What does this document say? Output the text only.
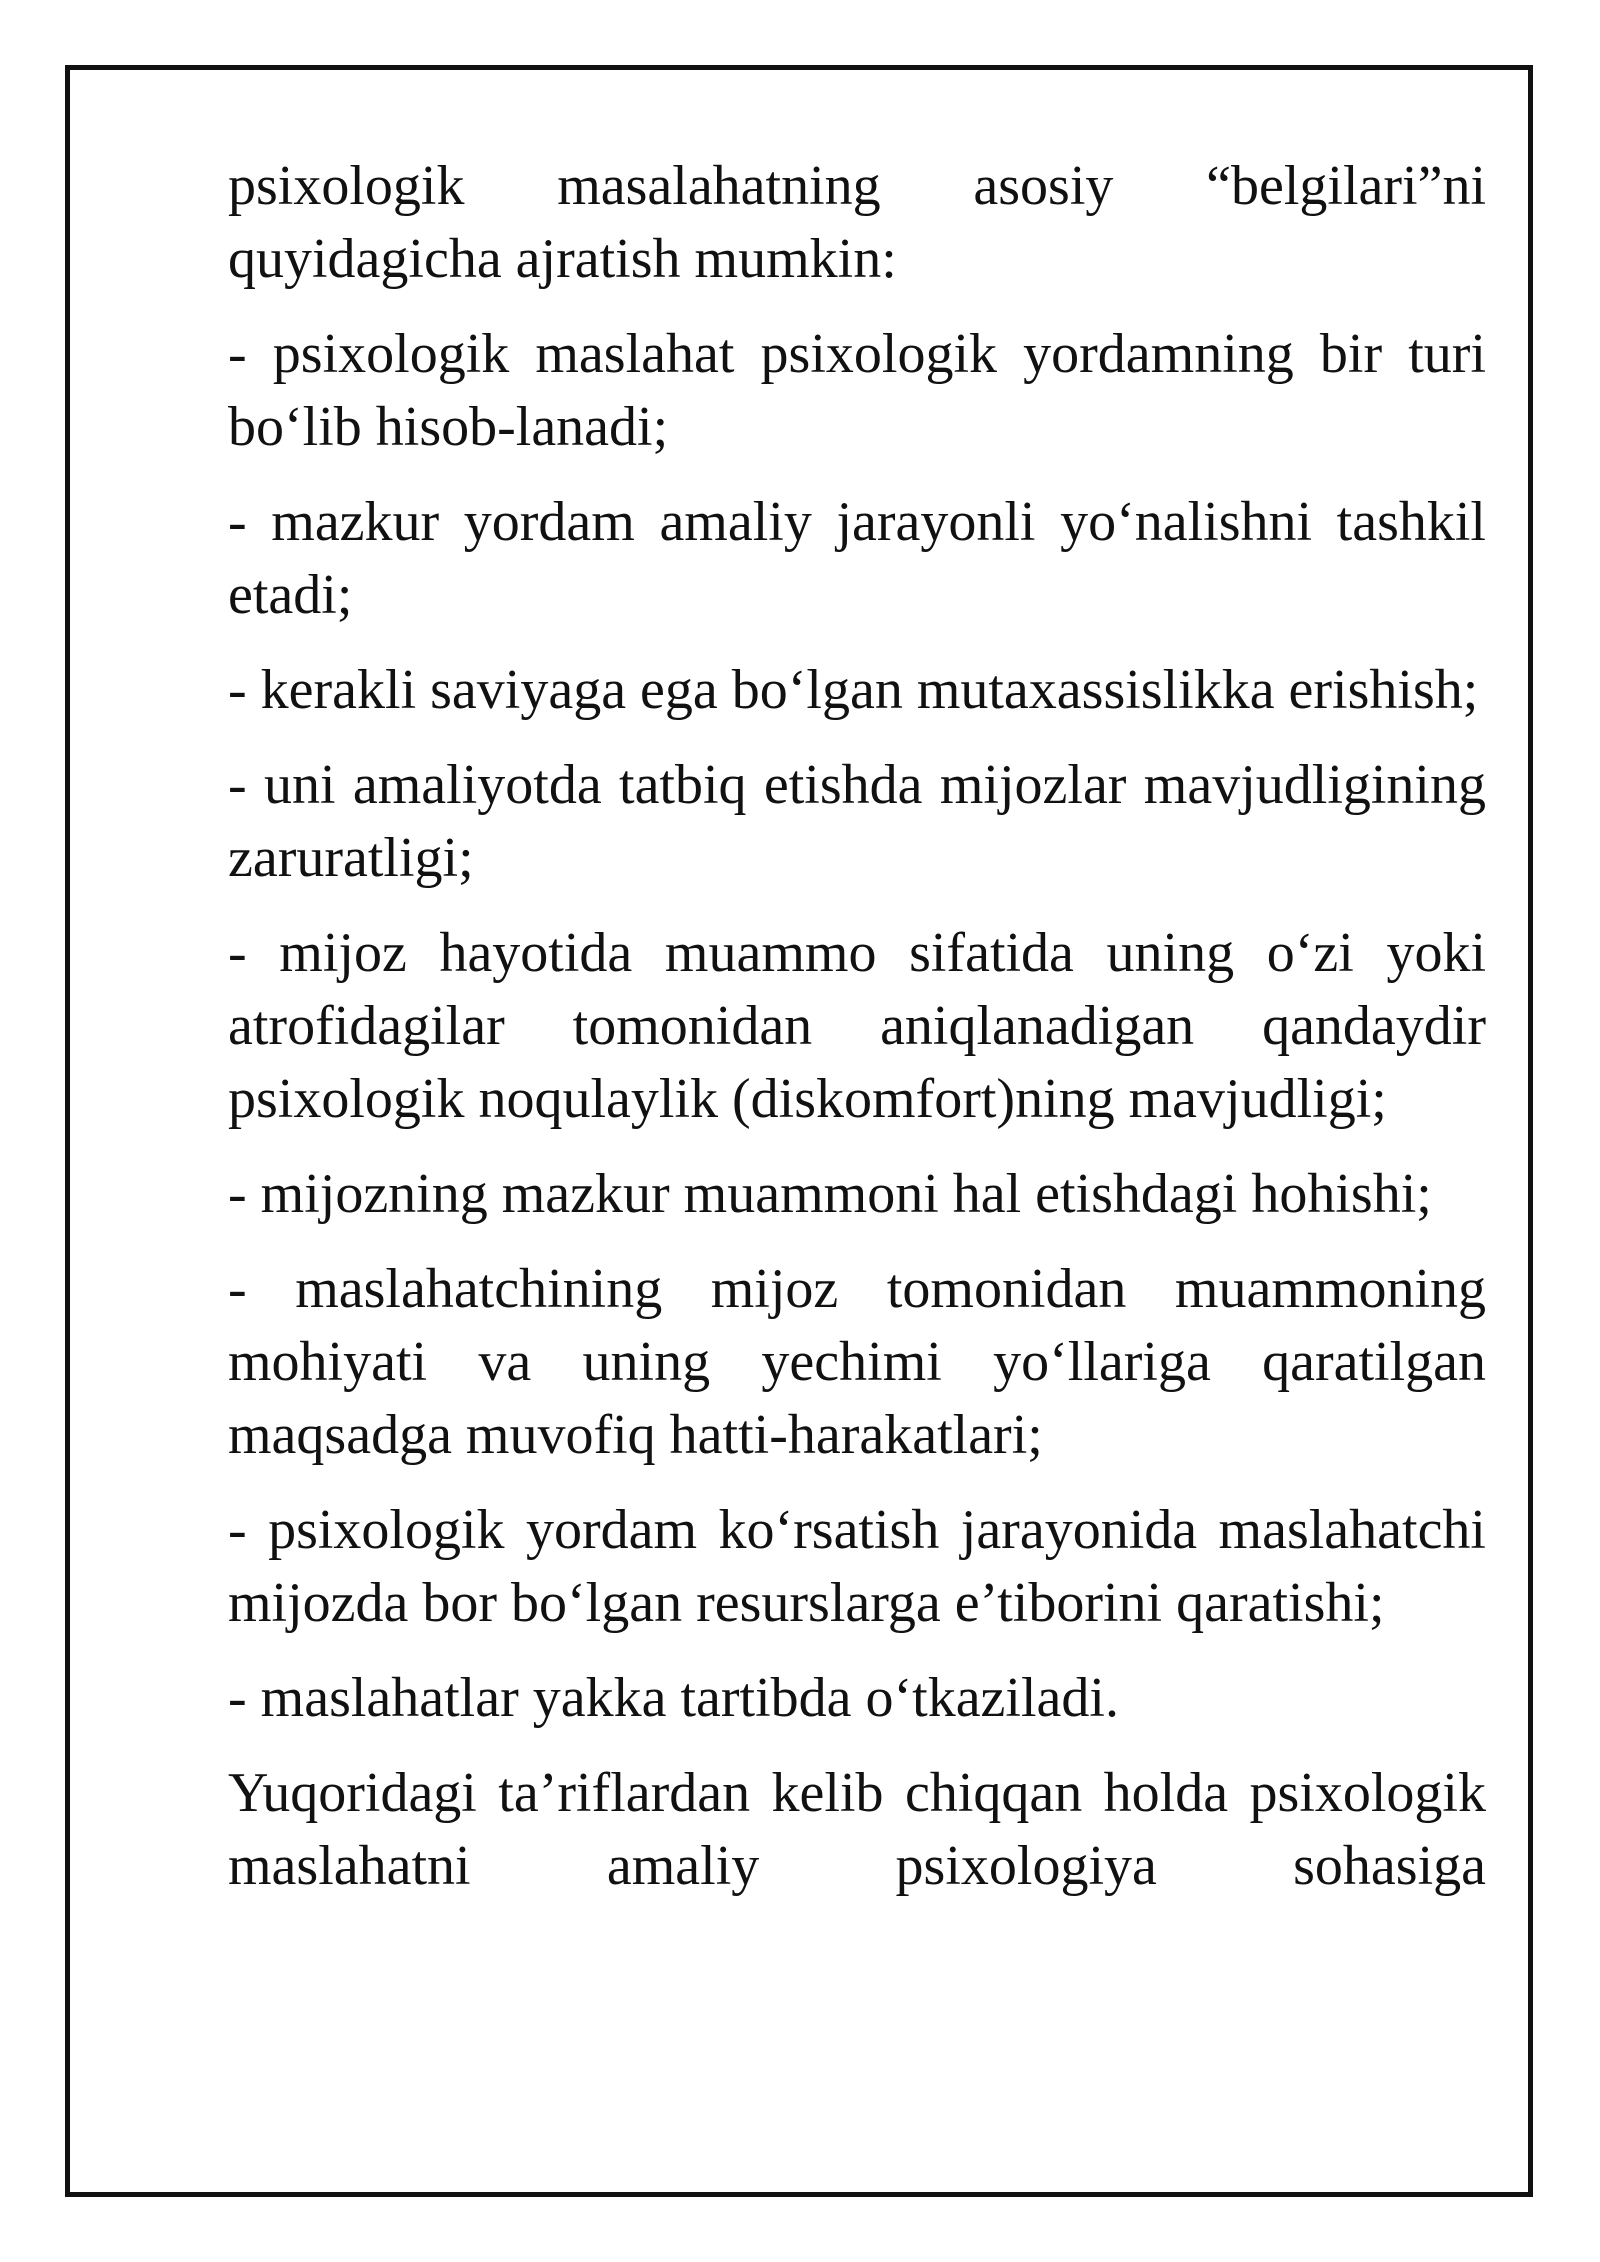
psixologik masalahatning asosiy “belgilari”ni quyidagicha ajratish mumkin:

- psixologik maslahat psixologik yordamning bir turi bo‘lib hisob-lanadi;

- mazkur yordam amaliy jarayonli yo‘nalishni tashkil etadi;

- kerakli saviyaga ega bo‘lgan mutaxassislikka erishish;

- uni amaliyotda tatbiq etishda mijozlar mavjudligining zaruratligi;

- mijoz hayotida muammo sifatida uning o‘zi yoki atrofidagilar tomonidan aniqlanadigan qandaydir psixologik noqulaylik (diskomfort)ning mavjudligi;

- mijozning mazkur muammoni hal etishdagi hohishi;

- maslahatchining mijoz tomonidan muammoning mohiyati va uning yechimi yo‘llariga qaratilgan maqsadga muvofiq hatti-harakatlari;

- psixologik yordam ko‘rsatish jarayonida maslahatchi mijozda bor bo‘lgan resurslarga e’tiborini qaratishi;

- maslahatlar yakka tartibda o‘tkaziladi.

Yuqoridagi ta’riflardan kelib chiqqan holda psixologik maslahatni amaliy psixologiya sohasiga
